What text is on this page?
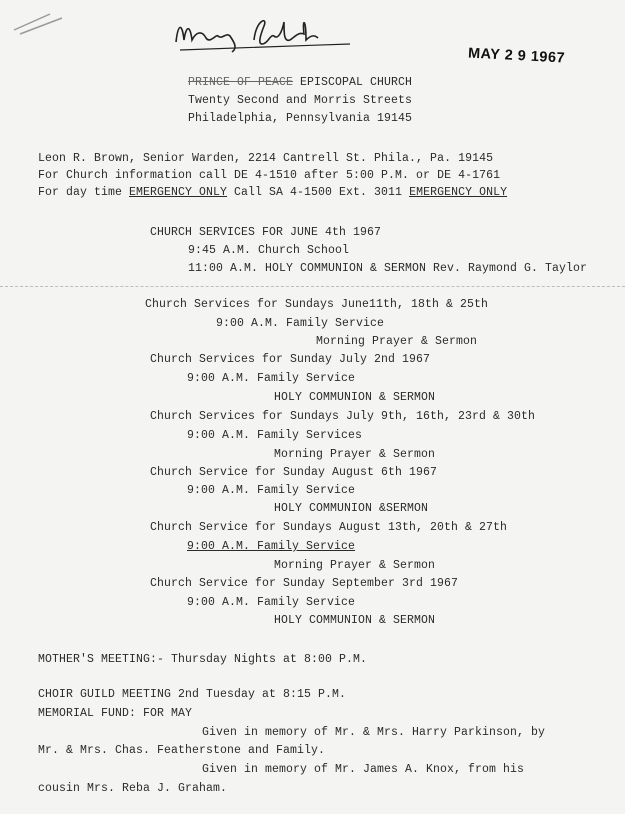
MAY 2 9 1967
PRINCE OF PEACE EPISCOPAL CHURCH
Twenty Second and Morris Streets
Philadelphia, Pennsylvania 19145
Leon R. Brown, Senior Warden, 2214 Cantrell St. Phila., Pa. 19145
For Church information call DE 4-1510 after 5:00 P.M. or DE 4-1761
For day time EMERGENCY ONLY Call SA 4-1500 Ext. 3011 EMERGENCY ONLY
CHURCH SERVICES FOR JUNE 4th 1967
9:45 A.M. Church School
11:00 A.M. HOLY COMMUNION & SERMON Rev. Raymond G. Taylor
Church Services for Sundays June11th, 18th & 25th
9:00 A.M. Family Service
Morning Prayer & Sermon
Church Services for Sunday July 2nd 1967
9:00 A.M. Family Service
HOLY COMMUNION & SERMON
Church Services for Sundays July 9th, 16th, 23rd & 30th
9:00 A.M. Family Services
Morning Prayer & Sermon
Church Service for Sunday August 6th 1967
9:00 A.M. Family Service
HOLY COMMUNION &SERMON
Church Service for Sundays August 13th, 20th & 27th
9:00 A.M. Family Service
Morning Prayer & Sermon
Church Service for Sunday September 3rd 1967
9:00 A.M. Family Service
HOLY COMMUNION & SERMON
MOTHER'S MEETING:- Thursday Nights at 8:00 P.M.
CHOIR GUILD MEETING 2nd Tuesday at 8:15 P.M.
MEMORIAL FUND: FOR MAY
Given in memory of Mr. & Mrs. Harry Parkinson, by
Mr. & Mrs. Chas. Featherstone and Family.
Given in memory of Mr. James A. Knox, from his
cousin Mrs. Reba J. Graham.
